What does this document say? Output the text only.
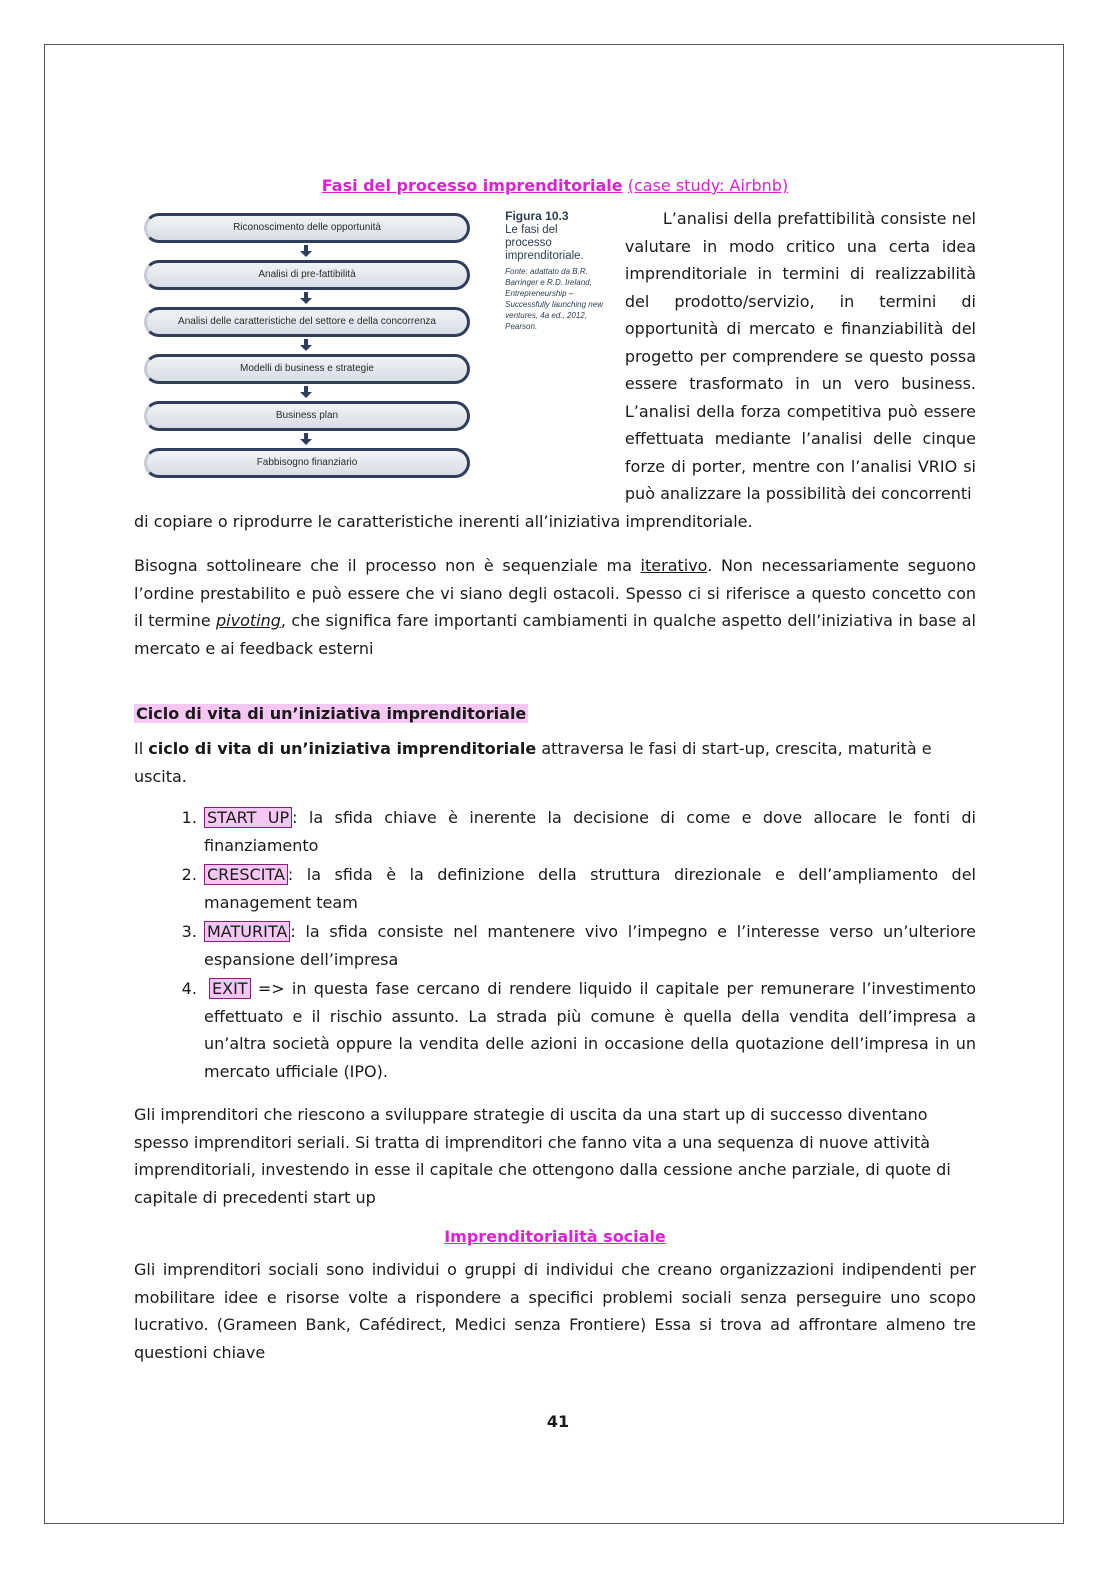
Fasi del processo imprenditoriale (case study: Airbnb)
Riconoscimento delle opportunità
Analisi di pre-fattibilità
Analisi delle caratteristiche del settore e della concorrenza
Modelli di business e strategie
Business plan
Fabbisogno finanziario
Figura 10.3
Le fasi del processo imprenditoriale.
Fonte: adattato da B.R. Barringer e R.D. Ireland, Entrepreneurship – Successfully launching new ventures, 4a ed., 2012, Pearson.

L’analisi della prefattibilità consiste nel valutare in modo critico una certa idea imprenditoriale in termini di realizzabilità del prodotto/servizio, in termini di opportunità di mercato e finanziabilità del progetto per comprendere se questo possa essere trasformato in un vero business. L’analisi della forza competitiva può essere effettuata mediante l’analisi delle cinque forze di porter, mentre con l’analisi VRIO si può analizzare la possibilità dei concorrenti

di copiare o riprodurre le caratteristiche inerenti all’iniziativa imprenditoriale.

Bisogna sottolineare che il processo non è sequenziale ma iterativo. Non necessariamente seguono l’ordine prestabilito e può essere che vi siano degli ostacoli. Spesso ci si riferisce a questo concetto con il termine pivoting, che significa fare importanti cambiamenti in qualche aspetto dell’iniziativa in base al mercato e ai feedback esterni

Ciclo di vita di un’iniziativa imprenditoriale

Il ciclo di vita di un’iniziativa imprenditoriale attraversa le fasi di start-up, crescita, maturità e uscita.

1. START UP : la sfida chiave è inerente la decisione di come e dove allocare le fonti di finanziamento
2. CRESCITA : la sfida è la definizione della struttura direzionale e dell’ampliamento del management team
3. MATURITA : la sfida consiste nel mantenere vivo l’impegno e l’interesse verso un’ulteriore espansione dell’impresa
4. EXIT => in questa fase cercano di rendere liquido il capitale per remunerare l’investimento effettuato e il rischio assunto. La strada più comune è quella della vendita dell’impresa a un’altra società oppure la vendita delle azioni in occasione della quotazione dell’impresa in un mercato ufficiale (IPO).

Gli imprenditori che riescono a sviluppare strategie di uscita da una start up di successo diventano spesso imprenditori seriali. Si tratta di imprenditori che fanno vita a una sequenza di nuove attività imprenditoriali, investendo in esse il capitale che ottengono dalla cessione anche parziale, di quote di capitale di precedenti start up

Imprenditorialità sociale

Gli imprenditori sociali sono individui o gruppi di individui che creano organizzazioni indipendenti per mobilitare idee e risorse volte a rispondere a specifici problemi sociali senza perseguire uno scopo lucrativo. (Grameen Bank, Cafédirect, Medici senza Frontiere) Essa si trova ad affrontare almeno tre questioni chiave

41
